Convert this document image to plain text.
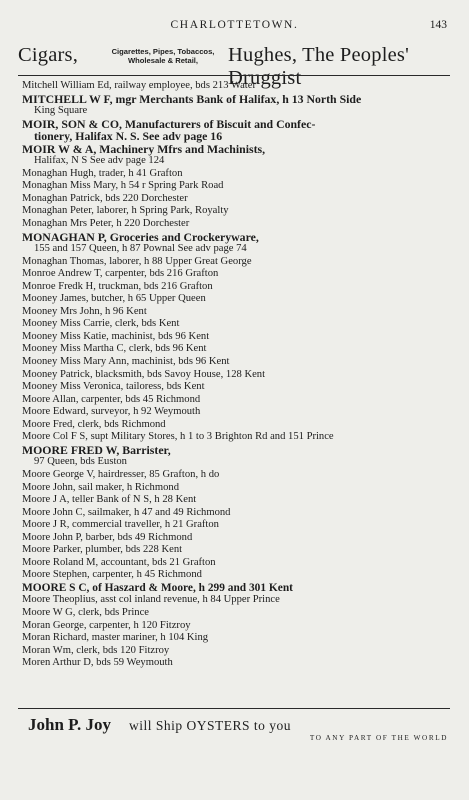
CHARLOTTETOWN.	143
Cigars,	Cigarettes, Pipes, Tobaccos,
Wholesale & Retail,	Hughes, The Peoples' Druggist
Mitchell William Ed, railway employee, bds 213 Water
MITCHELL W F, mgr Merchants Bank of Halifax, h 13 North Side
King Square
MOIR, SON & CO, Manufacturers of Biscuit and Confec-
tionery, Halifax N. S. See adv page 16
MOIR W & A, Machinery Mfrs and Machinists,
Halifax, N S See adv page 124
Monaghan Hugh, trader, h 41 Grafton
Monaghan Miss Mary, h 54 r Spring Park Road
Monaghan Patrick, bds 220 Dorchester
Monaghan Peter, laborer, h Spring Park, Royalty
Monaghan Mrs Peter, h 220 Dorchester
MONAGHAN P, Groceries and Crockeryware,
155 and 157 Queen, h 87 Pownal See adv page 74
Monaghan Thomas, laborer, h 88 Upper Great George
Monroe Andrew T, carpenter, bds 216 Grafton
Monroe Fredk H, truckman, bds 216 Grafton
Mooney James, butcher, h 65 Upper Queen
Mooney Mrs John, h 96 Kent
Mooney Miss Carrie, clerk, bds Kent
Mooney Miss Katie, machinist, bds 96 Kent
Mooney Miss Martha C, clerk, bds 96 Kent
Mooney Miss Mary Ann, machinist, bds 96 Kent
Mooney Patrick, blacksmith, bds Savoy House, 128 Kent
Mooney Miss Veronica, tailoress, bds Kent
Moore Allan, carpenter, bds 45 Richmond
Moore Edward, surveyor, h 92 Weymouth
Moore Fred, clerk, bds Richmond
Moore Col F S, supt Military Stores, h 1 to 3 Brighton Rd and 151 Prince
MOORE FRED W, Barrister,
97 Queen, bds Euston
Moore George V, hairdresser, 85 Grafton, h do
Moore John, sail maker, h Richmond
Moore J A, teller Bank of N S, h 28 Kent
Moore John C, sailmaker, h 47 and 49 Richmond
Moore J R, commercial traveller, h 21 Grafton
Moore John P, barber, bds 49 Richmond
Moore Parker, plumber, bds 228 Kent
Moore Roland M, accountant, bds 21 Grafton
Moore Stephen, carpenter, h 45 Richmond
MOORE S C, of Haszard & Moore, h 299 and 301 Kent
Moore Theoplius, asst col inland revenue, h 84 Upper Prince
Moore W G, clerk, bds Prince
Moran George, carpenter, h 120 Fitzroy
Moran Richard, master mariner, h 104 King
Moran Wm, clerk, bds 120 Fitzroy
Moren Arthur D, bds 59 Weymouth
John P. Joy will Ship OYSTERS to you
TO ANY PART OF THE WORLD
